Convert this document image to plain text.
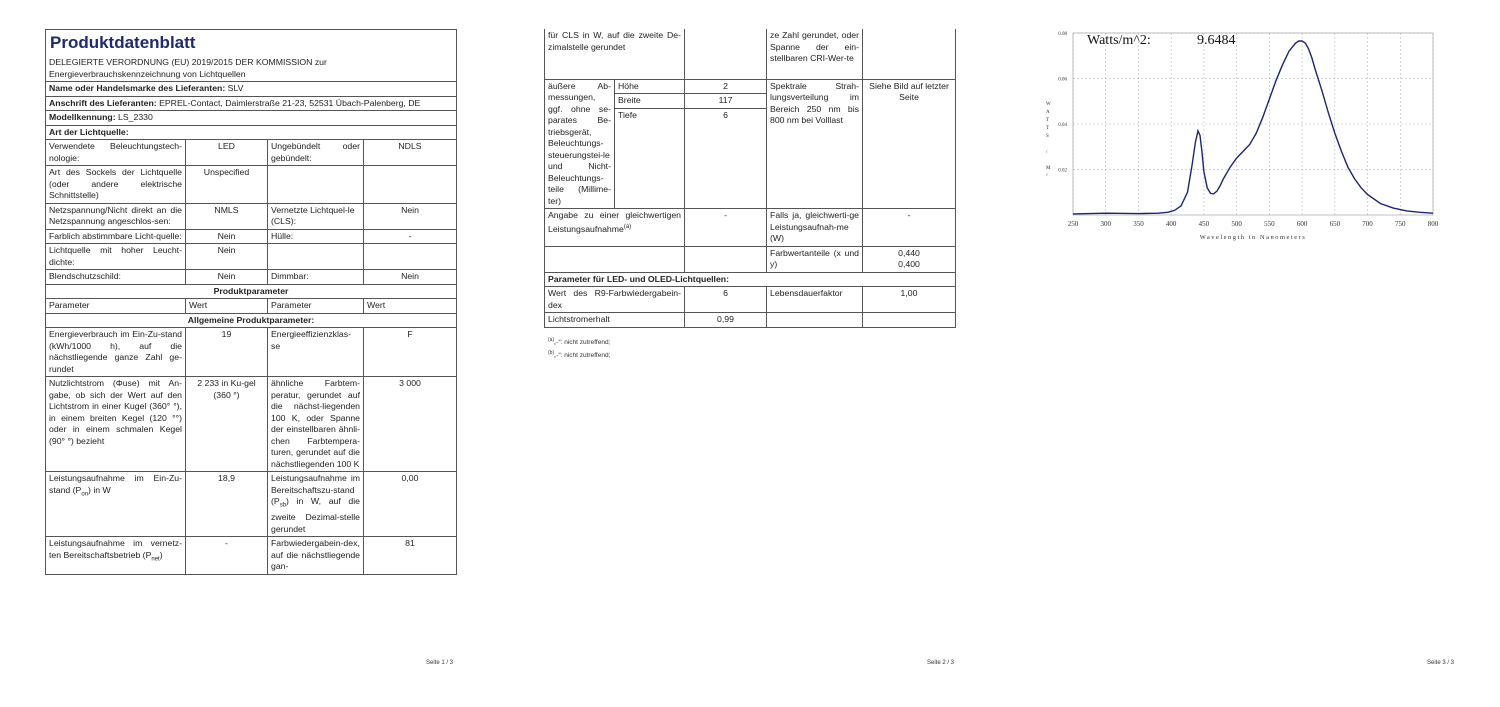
Produktdatenblatt			
DELEGIERTE VERORDNUNG (EU) 2019/2015 DER KOMMISSION zur Energieverbrauchskennzeichnung von Lichtquellen			
Name oder Handelsmarke des Lieferanten: SLV			
Anschrift des Lieferanten: EPREL-Contact, Daimlerstraße 21-23, 52531 Übach-Palenberg, DE			
Modellkennung: LS_2330			
Art der Lichtquelle:			
Verwendete Beleuchtungstech-nologie:	LED	Ungebündelt oder gebündelt:	NDLS
Art des Sockels der Lichtquelle (oder andere elektrische Schnittstelle)	Unspecified		
Netzspannung/Nicht direkt an die Netzspannung angeschlos-sen:	NMLS	Vernetzte Lichtquel-le (CLS):	Nein
Farblich abstimmbare Licht-quelle:	Nein	Hülle:	-
Lichtquelle mit hoher Leucht-dichte:	Nein		
Blendschutzschild:	Nein	Dimmbar:	Nein
Produktparameter			
Parameter	Wert	Parameter	Wert
Allgemeine Produktparameter:			
Energieverbrauch im Ein-Zu-stand (kWh/1000 h), auf die nächstliegende ganze Zahl ge-rundet	19	Energieeffizienzklas-se	F
Nutzlichtstrom (Φuse) mit An-gabe, ob sich der Wert auf den Lichtstrom in einer Kugel (360° °), in einem breiten Kegel (120 °°) oder in einem schmalen Kegel (90° °) bezieht	2 233 in Ku-gel (360 °)	ähnliche Farbtem-peratur, gerundet auf die nächst-liegenden 100 K, oder Spanne der einstellbaren ähnli-chen Farbtempera-turen, gerundet auf die nächstliegenden 100 K	3 000
Leistungsaufnahme im Ein-Zu-stand $(P_{on})$ in W	18,9	Leistungsaufnahme im Bereitschaftszu-stand $(P_{sb})$ in W, auf die zweite Dezimal-stelle gerundet	0,00
Leistungsaufnahme im vernetz-ten Bereitschaftsbetrieb $(P_{net})$	-	Farbwiedergabein-dex, auf die nächstliegende gan-	81
Seite 1 / 3
für CLS in W, auf die zweite De-zimalstelle gerundet			ze Zahl gerundet, oder Spanne der ein-stellbaren CRI-Wer-te	
äußere Ab-messungen, ggf. ohne se-parates Be-triebsgerät, Beleuchtungs-steuerungstei-le und Nicht-Beleuchtungs-teile (Millime-ter)	Höhe	2	Spektrale Strah-lungsverteilung im Bereich 250 nm bis 800 nm bei Volllast	Siehe Bild auf letzter Seite
	Breite	117		
	Tiefe	6		
Angabe zu einer gleichwertigen Leistungsaufnahme$^{(a)}$		-	Falls ja, gleichwerti-ge Leistungsaufnah-me (W)	-
			Farbwertanteile (x und y)	0,440
0,400
Parameter für LED- und OLED-Lichtquellen:				
Wert des R9-Farbwiedergabein-dex		6	Lebensdauerfaktor	1,00
Lichtstromerhalt		0,99		
$^{(a)}$„-“: nicht zutreffend;
$^{(b)}$„-“: nicht zutreffend;
Seite 2 / 3	Seite 3 / 3
250	300	350	400	450	500	550	600	650	700	750	800
0.02
0.04
0.06
0.08 Watts/m^2:	9.6484
Wavelength in Nanometers
W A T T S / M ²
